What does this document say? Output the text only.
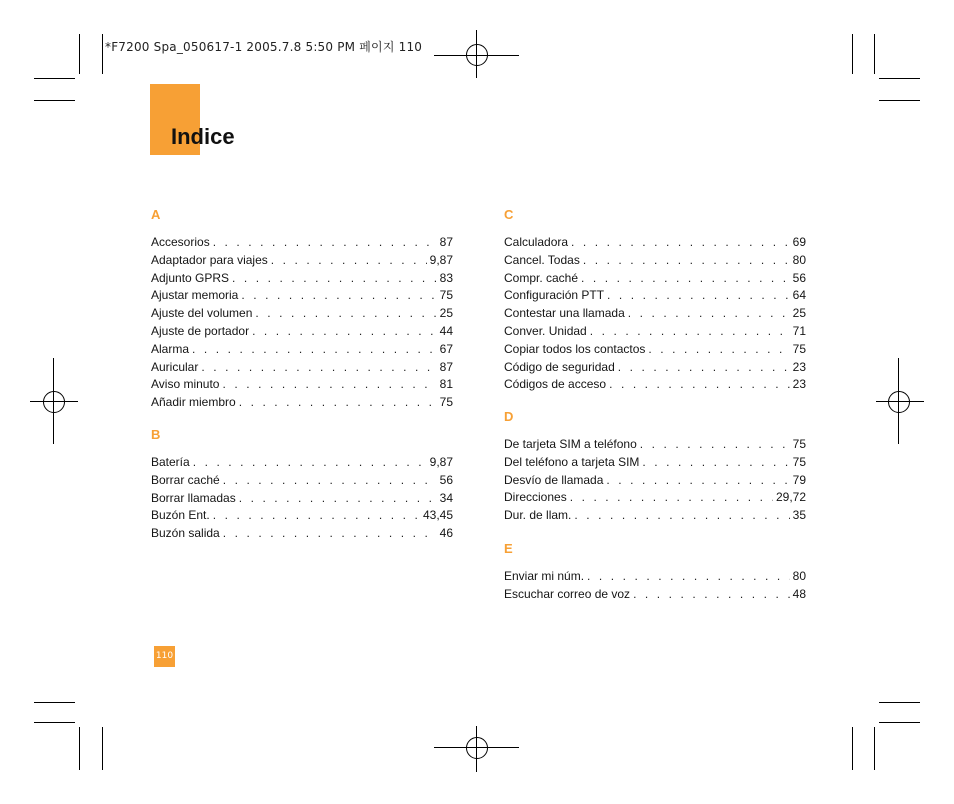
*F7200 Spa_050617-1 2005.7.8 5:50 PM 페이지 110
Indice
A
Accesorios . . .	87
Adaptador para viajes . . .	9,87
Adjunto GPRS . . .	83
Ajustar memoria . . .	75
Ajuste del volumen . . .	25
Ajuste de portador . . .	44
Alarma . . .	67
Auricular . . .	87
Aviso minuto . . .	81
Añadir miembro . . .	75
B
Batería . . .	9,87
Borrar caché . . .	56
Borrar llamadas . . .	34
Buzón Ent. . . .	43,45
Buzón salida . . .	46
C
Calculadora . . .	69
Cancel. Todas . . .	80
Compr. caché . . .	56
Configuración PTT . . .	64
Contestar una llamada . . .	25
Conver. Unidad . . .	71
Copiar todos los contactos . . .	75
Código de seguridad . . .	23
Códigos de acceso . . .	23
D
De tarjeta SIM a teléfono . . .	75
Del teléfono a tarjeta SIM . . .	75
Desvío de llamada . . .	79
Direcciones . . .	29,72
Dur. de llam. . . .	35
E
Enviar mi núm. . . .	80
Escuchar correo de voz . . .	48
110
